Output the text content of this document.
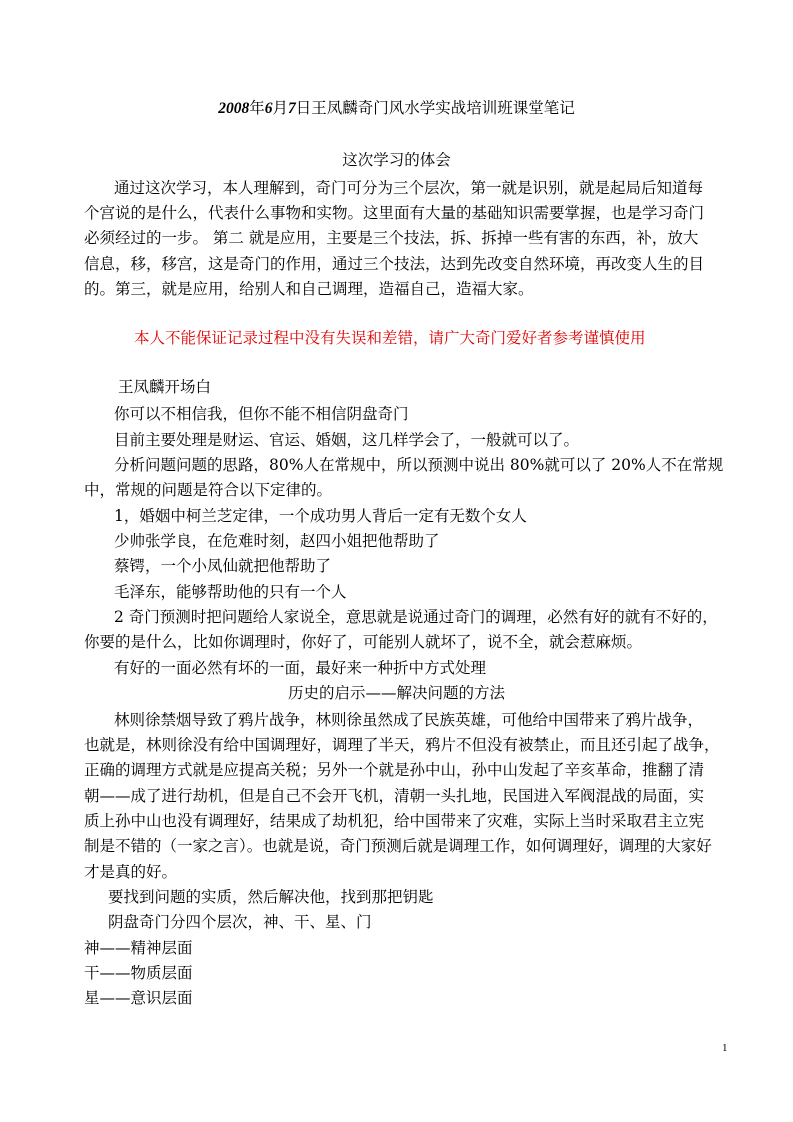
2008年6月7日王凤麟奇门风水学实战培训班课堂笔记
这次学习的体会
通过这次学习，本人理解到，奇门可分为三个层次，第一就是识别，就是起局后知道每
个宫说的是什么，代表什么事物和实物。这里面有大量的基础知识需要掌握，也是学习奇门
必须经过的一步。 第二 就是应用，主要是三个技法，拆、拆掉一些有害的东西，补，放大
信息，移，移宫，这是奇门的作用，通过三个技法，达到先改变自然环境，再改变人生的目
的。第三，就是应用，给别人和自己调理，造福自己，造福大家。
本人不能保证记录过程中没有失误和差错，请广大奇门爱好者参考谨慎使用
王凤麟开场白
你可以不相信我，但你不能不相信阴盘奇门
目前主要处理是财运、官运、婚姻，这几样学会了，一般就可以了。
分析问题问题的思路，80%人在常规中，所以预测中说出 80%就可以了 20%人不在常规
中，常规的问题是符合以下定律的。
1，婚姻中柯兰芝定律，一个成功男人背后一定有无数个女人
少帅张学良，在危难时刻，赵四小姐把他帮助了
蔡锷，一个小凤仙就把他帮助了
毛泽东，能够帮助他的只有一个人
2 奇门预测时把问题给人家说全，意思就是说通过奇门的调理，必然有好的就有不好的，
你要的是什么，比如你调理时，你好了，可能别人就坏了，说不全，就会惹麻烦。
有好的一面必然有坏的一面，最好来一种折中方式处理
历史的启示——解决问题的方法
林则徐禁烟导致了鸦片战争，林则徐虽然成了民族英雄，可他给中国带来了鸦片战争，
也就是，林则徐没有给中国调理好，调理了半天，鸦片不但没有被禁止，而且还引起了战争，
正确的调理方式就是应提高关税；另外一个就是孙中山，孙中山发起了辛亥革命，推翻了清
朝——成了进行劫机，但是自己不会开飞机，清朝一头扎地，民国进入军阀混战的局面，实
质上孙中山也没有调理好，结果成了劫机犯，给中国带来了灾难，实际上当时采取君主立宪
制是不错的（一家之言）。也就是说，奇门预测后就是调理工作，如何调理好，调理的大家好
才是真的好。
要找到问题的实质，然后解决他，找到那把钥匙
阴盘奇门分四个层次，神、干、星、门
神——精神层面
干——物质层面
星——意识层面
1
